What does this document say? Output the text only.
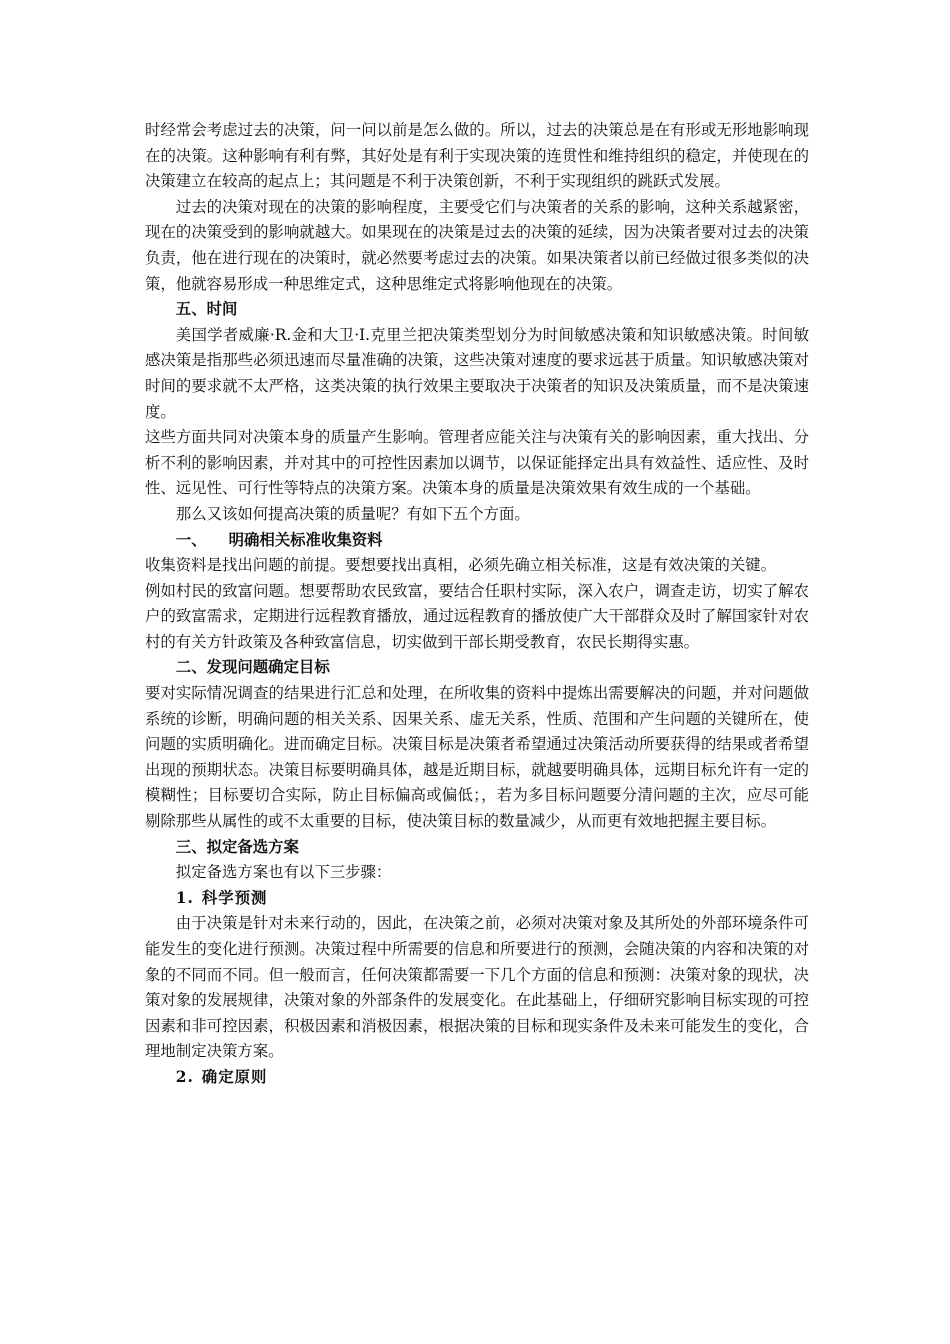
时经常会考虑过去的决策，问一问以前是怎么做的。所以，过去的决策总是在有形或无形地影响现在的决策。这种影响有利有弊，其好处是有利于实现决策的连贯性和维持组织的稳定，并使现在的决策建立在较高的起点上；其问题是不利于决策创新，不利于实现组织的跳跃式发展。

过去的决策对现在的决策的影响程度，主要受它们与决策者的关系的影响，这种关系越紧密，现在的决策受到的影响就越大。如果现在的决策是过去的决策的延续，因为决策者要对过去的决策负责，他在进行现在的决策时，就必然要考虑过去的决策。如果决策者以前已经做过很多类似的决策，他就容易形成一种思维定式，这种思维定式将影响他现在的决策。

五、时间

美国学者威廉·R.金和大卫·I.克里兰把决策类型划分为时间敏感决策和知识敏感决策。时间敏感决策是指那些必须迅速而尽量准确的决策，这些决策对速度的要求远甚于质量。知识敏感决策对时间的要求就不太严格，这类决策的执行效果主要取决于决策者的知识及决策质量，而不是决策速度。

这些方面共同对决策本身的质量产生影响。管理者应能关注与决策有关的影响因素，重大找出、分析不利的影响因素，并对其中的可控性因素加以调节，以保证能择定出具有效益性、适应性、及时性、远见性、可行性等特点的决策方案。决策本身的质量是决策效果有效生成的一个基础。

那么又该如何提高决策的质量呢？有如下五个方面。

一、 明确相关标准收集资料

收集资料是找出问题的前提。要想要找出真相，必须先确立相关标准，这是有效决策的关键。

例如村民的致富问题。想要帮助农民致富，要结合任职村实际，深入农户，调查走访，切实了解农户的致富需求，定期进行远程教育播放，通过远程教育的播放使广大干部群众及时了解国家针对农村的有关方针政策及各种致富信息，切实做到干部长期受教育，农民长期得实惠。

二、发现问题确定目标

要对实际情况调查的结果进行汇总和处理，在所收集的资料中提炼出需要解决的问题，并对问题做系统的诊断，明确问题的相关关系、因果关系、虚无关系，性质、范围和产生问题的关键所在，使问题的实质明确化。进而确定目标。决策目标是决策者希望通过决策活动所要获得的结果或者希望出现的预期状态。决策目标要明确具体，越是近期目标，就越要明确具体，远期目标允许有一定的模糊性；目标要切合实际，防止目标偏高或偏低；，若为多目标问题要分清问题的主次，应尽可能剔除那些从属性的或不太重要的目标，使决策目标的数量减少，从而更有效地把握主要目标。

三、拟定备选方案

拟定备选方案也有以下三步骤：

1. 科学预测

由于决策是针对未来行动的，因此，在决策之前，必须对决策对象及其所处的外部环境条件可能发生的变化进行预测。决策过程中所需要的信息和所要进行的预测，会随决策的内容和决策的对象的不同而不同。但一般而言，任何决策都需要一下几个方面的信息和预测：决策对象的现状，决策对象的发展规律，决策对象的外部条件的发展变化。在此基础上，仔细研究影响目标实现的可控因素和非可控因素，积极因素和消极因素，根据决策的目标和现实条件及未来可能发生的变化，合理地制定决策方案。

2. 确定原则
